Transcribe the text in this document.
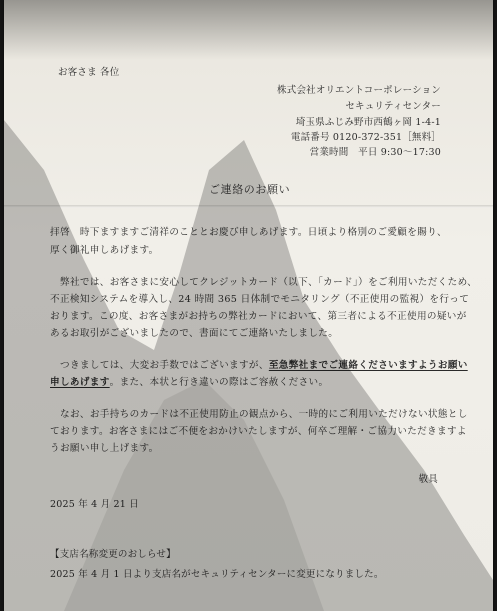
お客さま 各位
株式会社オリエントコーポレーション
セキュリティセンター
埼玉県ふじみ野市西鶴ヶ岡 1-4-1
電話番号 0120-372-351［無料］
営業時間　平日 9:30～17:30
ご連絡のお願い
拝啓　時下ますますご清祥のこととお慶び申しあげます。日頃より格別のご愛顧を賜り、
厚く御礼申しあげます。
弊社では、お客さまに安心してクレジットカード（以下、「カード」）をご利用いただくため、
不正検知システムを導入し、24 時間 365 日体制でモニタリング（不正使用の監視）を行って
おります。この度、お客さまがお持ちの弊社カードにおいて、第三者による不正使用の疑いが
あるお取引がございましたので、書面にてご連絡いたしました。
つきましては、大変お手数ではございますが、至急弊社までご連絡くださいますようお願い
申しあげます。また、本状と行き違いの際はご容赦ください。
なお、お手持ちのカードは不正使用防止の観点から、一時的にご利用いただけない状態とし
ております。お客さまにはご不便をおかけいたしますが、何卒ご理解・ご協力いただきますよ
うお願い申し上げます。
敬具
2025 年 4 月 21 日
【支店名称変更のおしらせ】
2025 年 4 月 1 日より支店名がセキュリティセンターに変更になりました。
